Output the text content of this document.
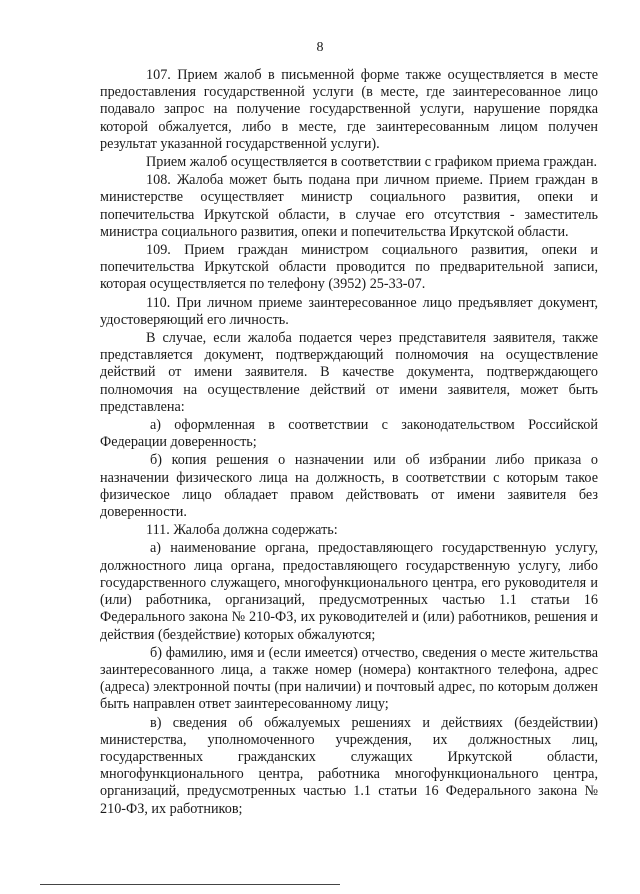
8

107. Прием жалоб в письменной форме также осуществляется в месте предоставления государственной услуги (в месте, где заинтересованное лицо подавало запрос на получение государственной услуги, нарушение порядка которой обжалуется, либо в месте, где заинтересованным лицом получен результат указанной государственной услуги).

Прием жалоб осуществляется в соответствии с графиком приема граждан.

108. Жалоба может быть подана при личном приеме. Прием граждан в министерстве осуществляет министр социального развития, опеки и попечительства Иркутской области, в случае его отсутствия - заместитель министра социального развития, опеки и попечительства Иркутской области.

109. Прием граждан министром социального развития, опеки и попечительства Иркутской области проводится по предварительной записи, которая осуществляется по телефону (3952) 25-33-07.

110. При личном приеме заинтересованное лицо предъявляет документ, удостоверяющий его личность.

В случае, если жалоба подается через представителя заявителя, также представляется документ, подтверждающий полномочия на осуществление действий от имени заявителя. В качестве документа, подтверждающего полномочия на осуществление действий от имени заявителя, может быть представлена:

а) оформленная в соответствии с законодательством Российской Федерации доверенность;

б) копия решения о назначении или об избрании либо приказа о назначении физического лица на должность, в соответствии с которым такое физическое лицо обладает правом действовать от имени заявителя без доверенности.

111. Жалоба должна содержать:

а) наименование органа, предоставляющего государственную услугу, должностного лица органа, предоставляющего государственную услугу, либо государственного служащего, многофункционального центра, его руководителя и (или) работника, организаций, предусмотренных частью 1.1 статьи 16 Федерального закона № 210-ФЗ, их руководителей и (или) работников, решения и действия (бездействие) которых обжалуются;

б) фамилию, имя и (если имеется) отчество, сведения о месте жительства заинтересованного лица, а также номер (номера) контактного телефона, адрес (адреса) электронной почты (при наличии) и почтовый адрес, по которым должен быть направлен ответ заинтересованному лицу;

в) сведения об обжалуемых решениях и действиях (бездействии) министерства, уполномоченного учреждения, их должностных лиц, государственных гражданских служащих Иркутской области, многофункционального центра, работника многофункционального центра, организаций, предусмотренных частью 1.1 статьи 16 Федерального закона № 210-ФЗ, их работников;
